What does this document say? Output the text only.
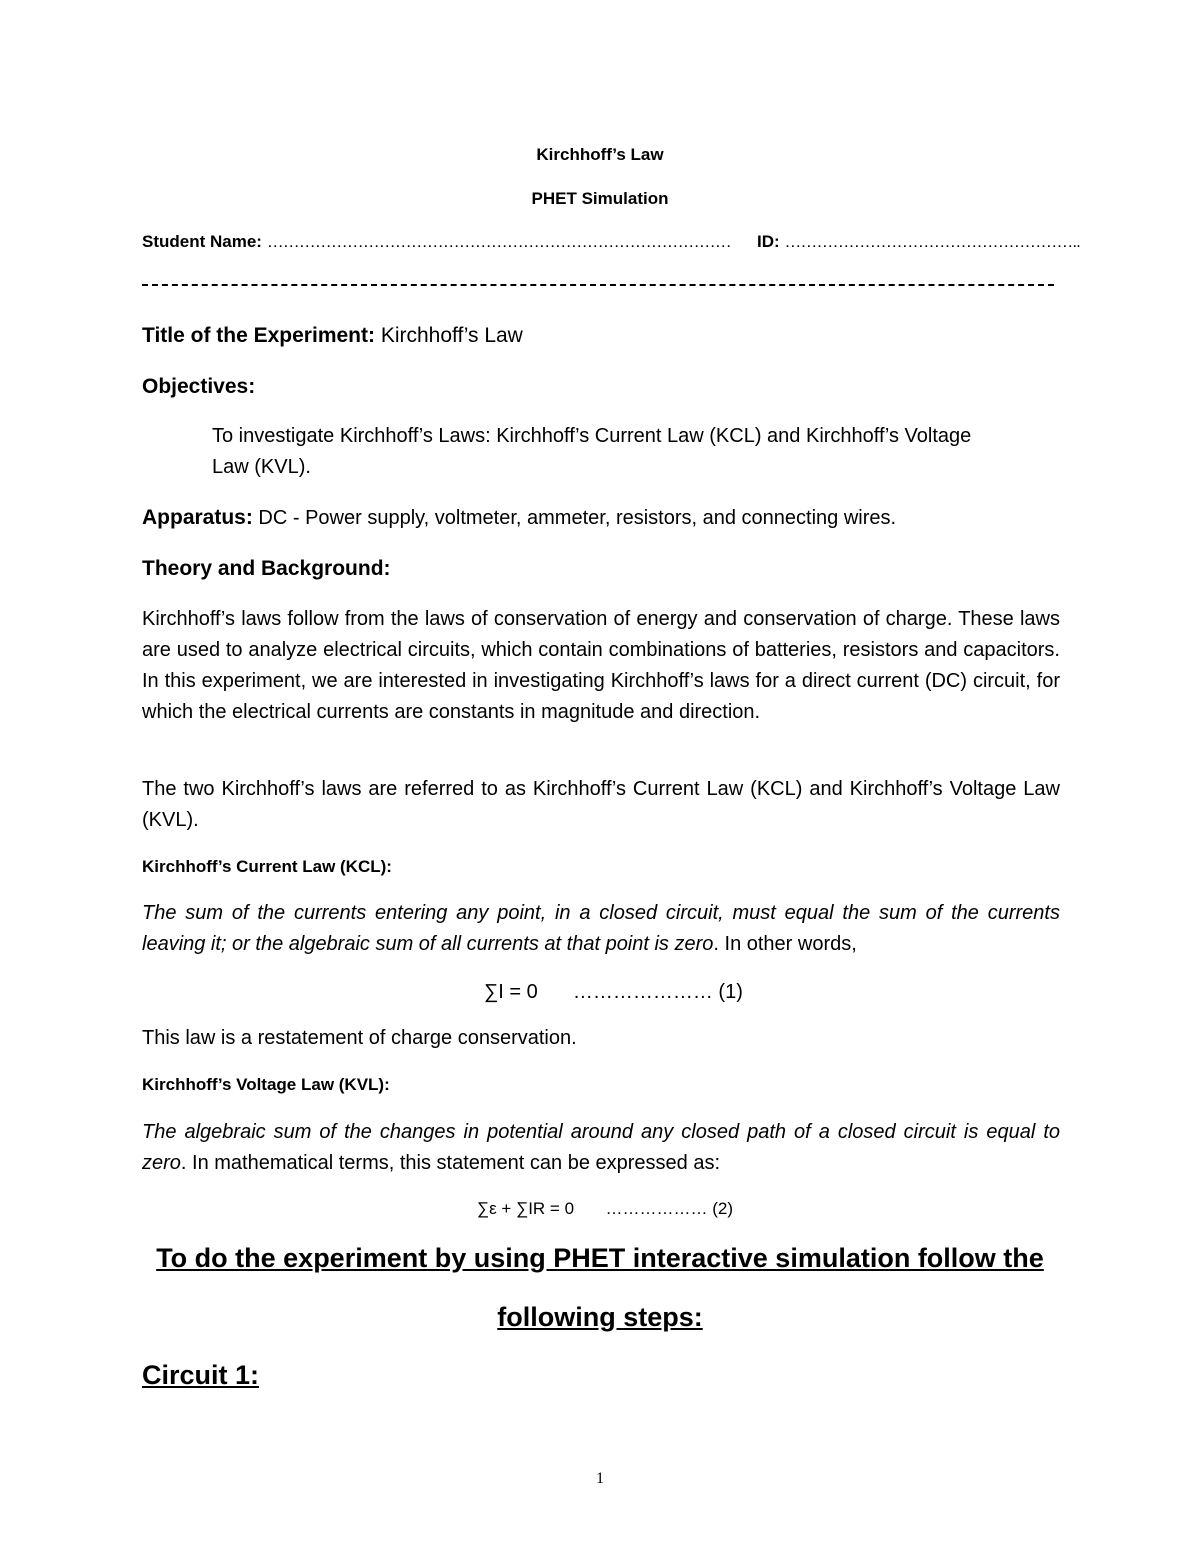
Kirchhoff’s Law
PHET Simulation
Student Name: …………………………………………………………………………… ID: ………………………………………………..
Title of the Experiment: Kirchhoff’s Law
Objectives:
To investigate Kirchhoff’s Laws: Kirchhoff’s Current Law (KCL) and Kirchhoff’s Voltage
Law (KVL).
Apparatus: DC - Power supply, voltmeter, ammeter, resistors, and connecting wires.
Theory and Background:
Kirchhoff’s laws follow from the laws of conservation of energy and conservation of charge. These laws are used to analyze electrical circuits, which contain combinations of batteries, resistors and capacitors. In this experiment, we are interested in investigating Kirchhoff’s laws for a direct current (DC) circuit, for which the electrical currents are constants in magnitude and direction.
The two Kirchhoff’s laws are referred to as Kirchhoff’s Current Law (KCL) and Kirchhoff’s Voltage Law (KVL).
Kirchhoff’s Current Law (KCL):
The sum of the currents entering any point, in a closed circuit, must equal the sum of the currents leaving it; or the algebraic sum of all currents at that point is zero. In other words,
∑I = 0 ………………… (1)
This law is a restatement of charge conservation.
Kirchhoff’s Voltage Law (KVL):
The algebraic sum of the changes in potential around any closed path of a closed circuit is equal to zero. In mathematical terms, this statement can be expressed as:
∑ε + ∑IR = 0 ……………… (2)
To do the experiment by using PHET interactive simulation follow the
following steps:
Circuit 1:
1
